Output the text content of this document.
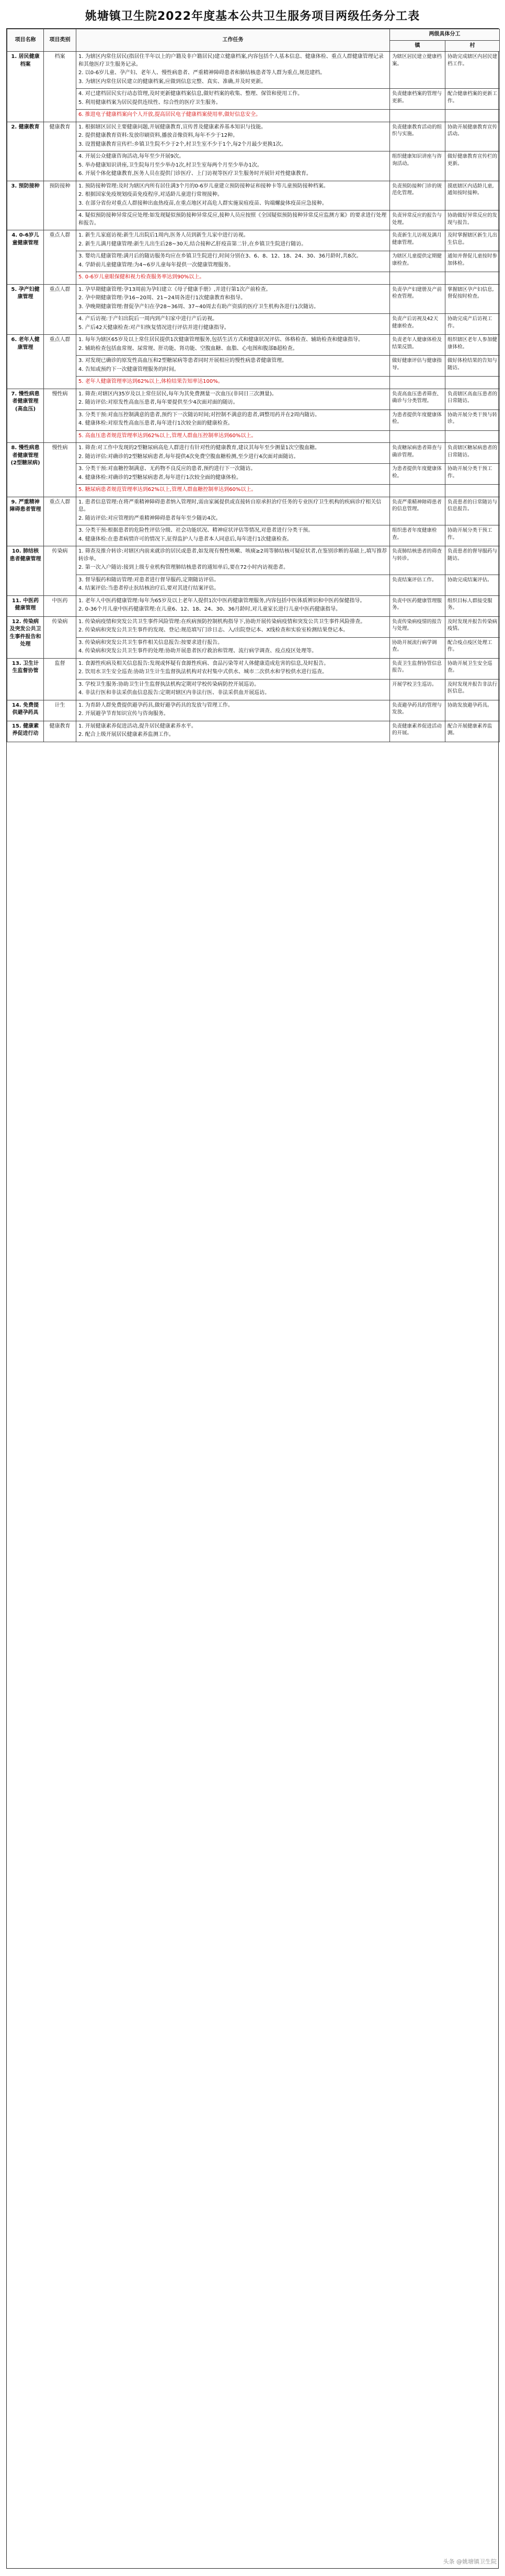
姚塘镇卫生院2022年度基本公共卫生服务项目两级任务分工表
项目名称	项目类别	工作任务	两级具体分工	
			镇	村
1. 居民健康档案	档案	1. 为辖区内常住居民(指居住半年以上的户籍及非户籍居民)建立健康档案,内容包括个人基本信息、健康体检、重点人群健康管理记录和其他医疗卫生服务记录。
2. 以0-6岁儿童、孕产妇、老年人、慢性病患者、严重精神障碍患者和肺结核患者等人群为重点,规范建档。
3. 为辖区内常住居民建立的健康档案,应做到信息完整、真实、准确,并及时更新。	为辖区居民建立健康档案。	协助完成辖区内居民建档工作。

		4. 对已建档居民实行动态管理,及时更新健康档案信息,做好档案的收集、整理、保管和使用工作。
5. 利用健康档案为居民提供连续性、综合性的医疗卫生服务。	负责健康档案的管理与更新。	配合健康档案的更新工作。

		6. 推进电子健康档案向个人开放,提高居民电子健康档案使用率,做好信息安全。		

2. 健康教育	健康教育	1. 根据辖区居民主要健康问题,开展健康教育,宣传普及健康素养基本知识与技能。
2. 提供健康教育资料:发放印刷资料,播放音像资料,每年不少于12种。
3. 设置健康教育宣传栏:乡镇卫生院不少于2个,村卫生室不少于1个,每2个月最少更换1次。	负责健康教育活动的组织与实施。	协助开展健康教育宣传活动。

		4. 开展公众健康咨询活动,每年至少开展9次。
5. 举办健康知识讲座,卫生院每月至少举办1次,村卫生室每两个月至少举办1次。
6. 开展个体化健康教育,医务人员在提供门诊医疗、上门访视等医疗卫生服务时开展针对性健康教育。	组织健康知识讲座与咨询活动。	做好健康教育宣传栏的更新。
3. 预防接种	预防接种	1. 预防接种管理:及时为辖区内所有居住满3个月的0-6岁儿童建立预防接种证和接种卡等儿童预防接种档案。
2. 根据国家免疫规划疫苗免疫程序,对适龄儿童进行常规接种。
3. 在部分省份对重点人群接种出血热疫苗,在重点地区对高危人群实施炭疽疫苗、钩端螺旋体疫苗应急接种。	负责预防接种门诊的规范化管理。	摸底辖区内适龄儿童,通知按时接种。

		4. 疑似预防接种异常反应处理:如发现疑似预防接种异常反应,接种人员应按照《全国疑似预防接种异常反应监测方案》的要求进行处理和报告。	负责异常反应的报告与处理。	协助做好异常反应的发现与报告。
4. 0-6岁儿童健康管理	重点人群	1. 新生儿家庭访视:新生儿出院后1周内,医务人员到新生儿家中进行访视。
2. 新生儿满月健康管理:新生儿出生后28~30天,结合接种乙肝疫苗第二针,在乡镇卫生院进行随访。	负责新生儿访视及满月健康管理。	及时掌握辖区新生儿出生信息。

		3. 婴幼儿健康管理:满月后的随访服务均应在乡镇卫生院进行,时间分别在3、6、8、12、18、24、30、36月龄时,共8次。
4. 学龄前儿童健康管理:为4~6岁儿童每年提供一次健康管理服务。	为辖区儿童提供定期健康检查。	通知并督促儿童按时参加体检。

		5. 0-6岁儿童眼保健和视力检查服务率达到90%以上。		

5. 孕产妇健康管理	重点人群	1. 孕早期健康管理:孕13周前为孕妇建立《母子健康手册》,并进行第1次产前检查。
2. 孕中期健康管理:孕16~20周、21~24周各进行1次健康教育和指导。
3. 孕晚期健康管理:督促孕产妇在孕28~36周、37~40周去有助产资质的医疗卫生机构各进行1次随访。	负责孕产妇建册及产前检查管理。	掌握辖区孕产妇信息,督促按时检查。

		4. 产后访视:于产妇出院后一周内到产妇家中进行产后访视。
5. 产后42天健康检查:对产妇恢复情况进行评估并进行健康指导。	负责产后访视及42天健康检查。	协助完成产后访视工作。
6. 老年人健康管理	重点人群	1. 每年为辖区65岁及以上常住居民提供1次健康管理服务,包括生活方式和健康状况评估、体格检查、辅助检查和健康指导。
2. 辅助检查包括血常规、尿常规、肝功能、肾功能、空腹血糖、血脂、心电图和腹部B超检查。	负责老年人健康体检及结果反馈。	组织辖区老年人参加健康体检。

		3. 对发现已确诊的原发性高血压和2型糖尿病等患者同时开展相应的慢性病患者健康管理。
4. 告知或预约下一次健康管理服务的时间。	做好健康评估与健康指导。	做好体检结果的告知与随访。

		5. 老年人健康管理率达到62%以上,体检结果告知率达100%。		

7. 慢性病患者健康管理(高血压)	慢性病	1. 筛查:对辖区内35岁及以上常住居民,每年为其免费测量一次血压(非同日三次测量)。
2. 随访评估:对原发性高血压患者,每年要提供至少4次面对面的随访。	负责高血压患者筛查、确诊与分类管理。	负责辖区高血压患者的日常随访。

		3. 分类干预:对血压控制满意的患者,预约下一次随访时间;对控制不满意的患者,调整用药并在2周内随访。
4. 健康体检:对原发性高血压患者,每年进行1次较全面的健康检查。	为患者提供年度健康体检。	协助开展分类干预与转诊。

		5. 高血压患者规范管理率达到62%以上,管理人群血压控制率达到60%以上。		

8. 慢性病患者健康管理(2型糖尿病)	慢性病	1. 筛查:对工作中发现的2型糖尿病高危人群进行有针对性的健康教育,建议其每年至少测量1次空腹血糖。
2. 随访评估:对确诊的2型糖尿病患者,每年提供4次免费空腹血糖检测,至少进行4次面对面随访。	负责糖尿病患者筛查与确诊管理。	负责辖区糖尿病患者的日常随访。

		3. 分类干预:对血糖控制满意、无药物不良反应的患者,预约进行下一次随访。
4. 健康体检:对确诊的2型糖尿病患者,每年进行1次较全面的健康体检。	为患者提供年度健康体检。	协助开展分类干预工作。

		5. 糖尿病患者规范管理率达到62%以上,管理人群血糖控制率达到60%以上。		

9. 严重精神障碍患者管理	重点人群	1. 患者信息管理:在将严重精神障碍患者纳入管理时,需由家属提供或直接转自原承担治疗任务的专业医疗卫生机构的疾病诊疗相关信息。
2. 随访评估:对应管理的严重精神障碍患者每年至少随访4次。	负责严重精神障碍患者的信息管理。	负责患者的日常随访与信息报告。

		3. 分类干预:根据患者的危险性评估分级、社会功能状况、精神症状评估等情况,对患者进行分类干预。
4. 健康体检:在患者病情许可的情况下,征得监护人与患者本人同意后,每年进行1次健康检查。	组织患者年度健康检查。	协助开展分类干预工作。
10. 肺结核患者健康管理	传染病	1. 筛查及推介转诊:对辖区内前来就诊的居民或患者,如发现有慢性咳嗽、咳痰≥2周等肺结核可疑症状者,在鉴别诊断的基础上,填写推荐转诊单。
2. 第一次入户随访:接到上级专业机构管理肺结核患者的通知单后,要在72小时内访视患者。	负责肺结核患者的筛查与转诊。	负责患者的督导服药与随访。

		3. 督导服药和随访管理:对患者进行督导服药,定期随访评估。
4. 结案评估:当患者停止抗结核治疗后,要对其进行结案评估。	负责结案评估工作。	协助完成结案评估。
11. 中医药健康管理	中医药	1. 老年人中医药健康管理:每年为65岁及以上老年人提供1次中医药健康管理服务,内容包括中医体质辨识和中医药保健指导。
2. 0-36个月儿童中医药健康管理:在儿童6、12、18、24、30、36月龄时,对儿童家长进行儿童中医药健康指导。	负责中医药健康管理服务。	组织目标人群接受服务。
12. 传染病及突发公共卫生事件报告和处理	传染病	1. 传染病疫情和突发公共卫生事件风险管理:在疾病预防控制机构指导下,协助开展传染病疫情和突发公共卫生事件风险排查。
2. 传染病和突发公共卫生事件的发现、登记:规范填写门诊日志、入/出院登记本、X线检查和实验室检测结果登记本。	负责传染病疫情的报告与处理。	及时发现并报告传染病疫情。

		3. 传染病和突发公共卫生事件相关信息报告:按要求进行报告。
4. 传染病和突发公共卫生事件的处理:协助开展患者医疗救治和管理、流行病学调查、疫点疫区处理等。	协助开展流行病学调查。	配合疫点疫区处理工作。
13. 卫生计生监督协管	监督	1. 食源性疾病及相关信息报告:发现或怀疑有食源性疾病、食品污染等对人体健康造成危害的信息,及时报告。
2. 饮用水卫生安全巡查:协助卫生计生监督执法机构对农村集中式供水、城市二次供水和学校供水进行巡查。	负责卫生监督协管信息报告。	协助开展卫生安全巡查。

		3. 学校卫生服务:协助卫生计生监督执法机构定期对学校传染病防控开展巡访。
4. 非法行医和非法采供血信息报告:定期对辖区内非法行医、非法采供血开展巡访。	开展学校卫生巡访。	及时发现并报告非法行医信息。
14. 免费提供避孕药具	计生	1. 为育龄人群免费提供避孕药具,做好避孕药具的发放与管理工作。
2. 开展避孕节育知识宣传与咨询服务。	负责避孕药具的管理与发放。	协助发放避孕药具。
15. 健康素养促进行动	健康教育	1. 开展健康素养促进活动,提升居民健康素养水平。
2. 配合上级开展居民健康素养监测工作。	负责健康素养促进活动的开展。	配合开展健康素养监测。
头条 @姚塘镇卫生院
